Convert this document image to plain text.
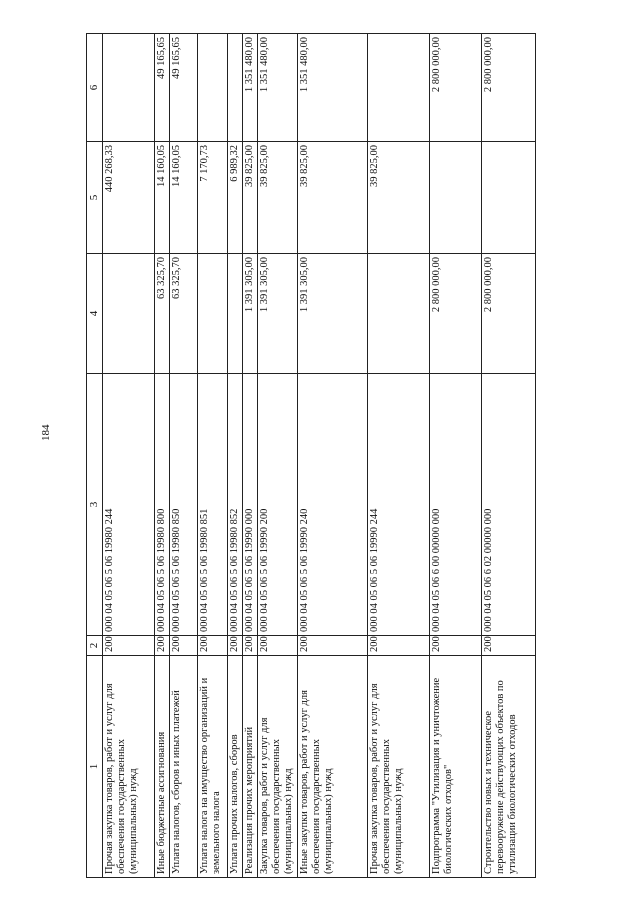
184
1	2	3	4	5	6
Прочая закупка товаров, работ и услуг для обеспечения государственных (муниципальных) нужд	200	000 04 05 06 5 06 19980 244		440 268,33	
Иные бюджетные ассигнования	200	000 04 05 06 5 06 19980 800	63 325,70	14 160,05	49 165,65
Уплата налогов, сборов и иных платежей	200	000 04 05 06 5 06 19980 850	63 325,70	14 160,05	49 165,65
Уплата налога на имущество организаций и земельного налога	200	000 04 05 06 5 06 19980 851		7 170,73	
Уплата прочих налогов, сборов	200	000 04 05 06 5 06 19980 852		6 989,32	
Реализация прочих мероприятий	200	000 04 05 06 5 06 19990 000	1 391 305,00	39 825,00	1 351 480,00
Закупка товаров, работ и услуг для обеспечения государственных (муниципальных) нужд	200	000 04 05 06 5 06 19990 200	1 391 305,00	39 825,00	1 351 480,00
Иные закупки товаров, работ и услуг для обеспечения государственных (муниципальных) нужд	200	000 04 05 06 5 06 19990 240	1 391 305,00	39 825,00	1 351 480,00
Прочая закупка товаров, работ и услуг для обеспечения государственных (муниципальных) нужд	200	000 04 05 06 5 06 19990 244		39 825,00	
Подпрограмма "Утилизация и уничтожение биологических отходов"	200	000 04 05 06 6 00 00000 000	2 800 000,00		2 800 000,00
Строительство новых и техническое перевооружение действующих объектов по утилизации биологических отходов	200	000 04 05 06 6 02 00000 000	2 800 000,00		2 800 000,00
